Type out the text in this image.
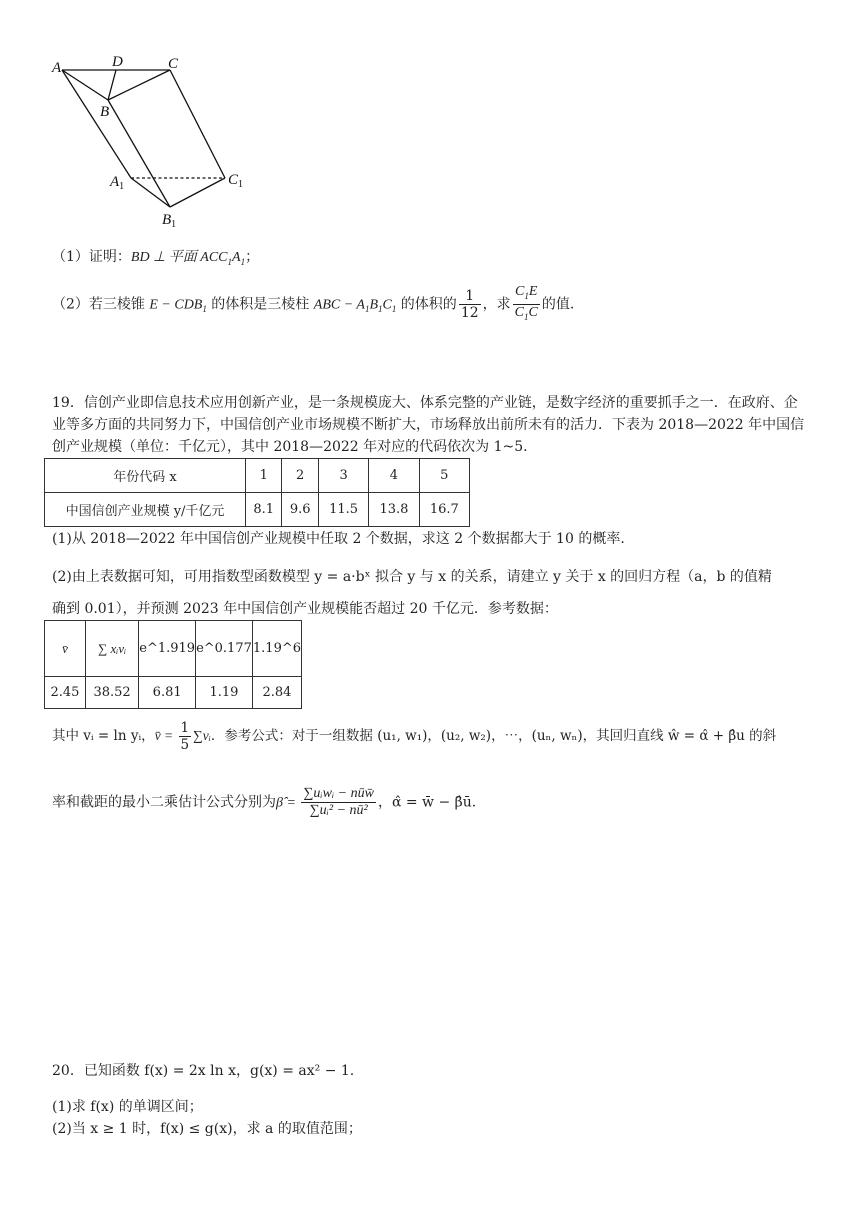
A	D	C
B
$A_1$	$C_1$
$B_1$
（1）证明：BD ⊥ 平面 $ACC_1A_1$；
（2）若三棱锥 $E - CDB_1$ 的体积是三棱柱 ABC − $A_1B_1C_1$ 的体积的 $\frac{1}{12}$ ，求 $\frac{C_1E}{C_1C}$ 的值.
19．信创产业即信息技术应用创新产业，是一条规模庞大、体系完整的产业链，是数字经济的重要抓手之一．在政府、企业等多方面的共同努力下，中国信创产业市场规模不断扩大，市场释放出前所未有的活力．下表为 2018—2022 年中国信创产业规模（单位：千亿元），其中 2018—2022 年对应的代码依次为 1~5.
年份代码 x	1	2	3	4	5
中国信创产业规模 y/千亿元	8.1	9.6	11.5	13.8	16.7
(1)从 2018—2022 年中国信创产业规模中任取 2 个数据，求这 2 个数据都大于 10 的概率.
(2)由上表数据可知，可用指数型函数模型 y = a·bˣ 拟合 y 与 x 的关系，请建立 y 关于 x 的回归方程（a，b 的值精
确到 0.01），并预测 2023 年中国信创产业规模能否超过 20 千亿元．参考数据：
v̄	∑ xᵢvᵢ	e^1.919	e^0.177	1.19^6
2.45	38.52	6.81	1.19	2.84
其中 vᵢ = ln yᵢ，v̄ = $\frac{1}{5}$ ∑vᵢ．参考公式：对于一组数据 (u₁, w₁)，(u₂, w₂)，⋯，(uₙ, wₙ)，其回归直线 ŵ = α̂ + β̂u 的斜
率和截距的最小二乘估计公式分别为β̂ = $\frac{\text{∑uᵢwᵢ − nūw̄}}{\text{∑uᵢ² − nū²}}$ ，α̂ = w̄ − β̂ū.
20．已知函数 f(x) = 2x ln x，g(x) = ax² − 1.
(1)求 f(x) 的单调区间；
(2)当 x ≥ 1 时，f(x) ≤ g(x)，求 a 的取值范围；
